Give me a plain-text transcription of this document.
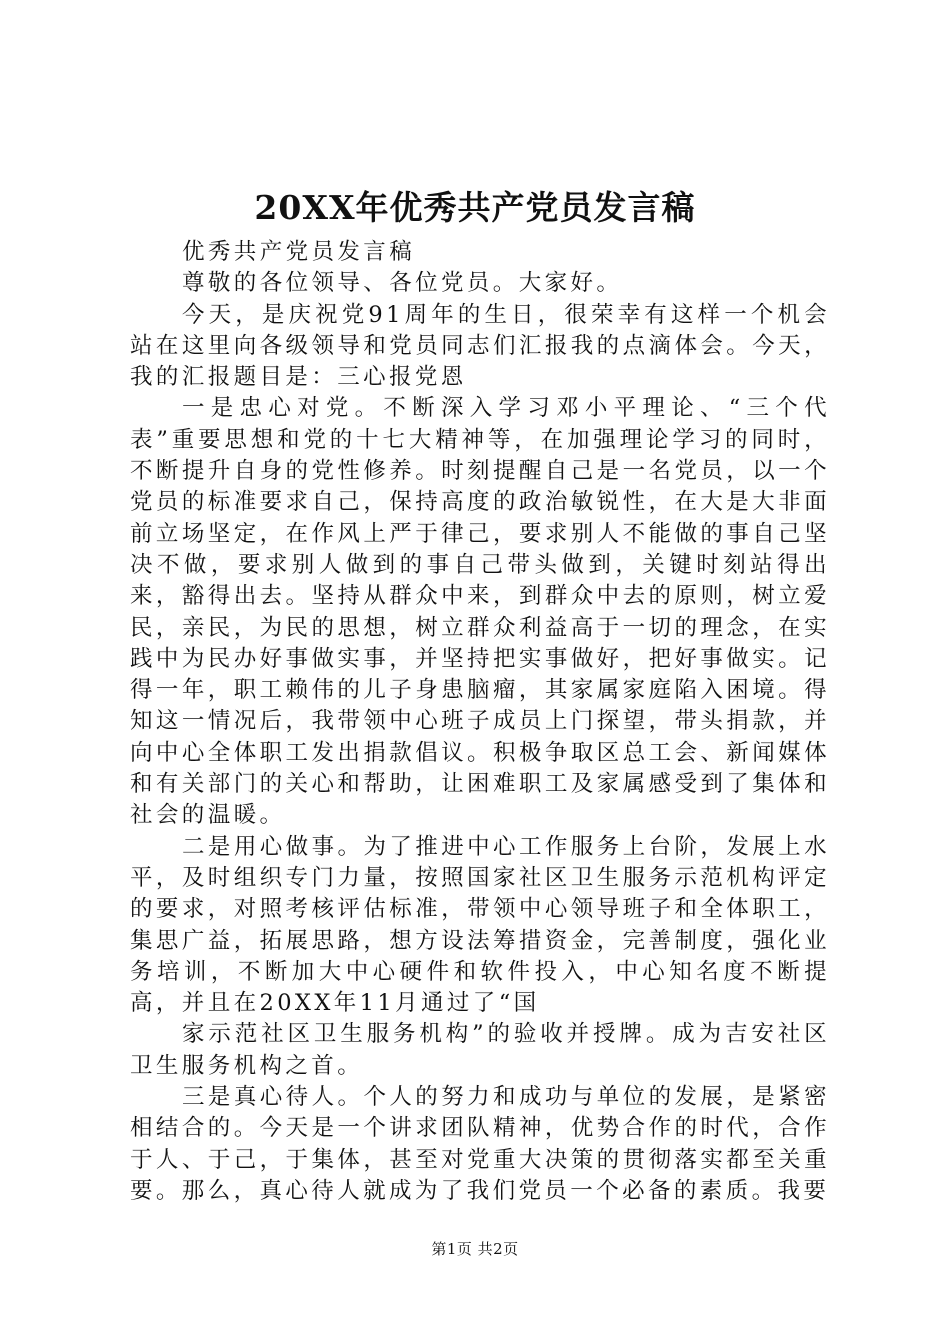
20XX年优秀共产党员发言稿

优秀共产党员发言稿

尊敬的各位领导、各位党员。大家好。

今天，是庆祝党91周年的生日，很荣幸有这样一个机会站在这里向各级领导和党员同志们汇报我的点滴体会。今天，我的汇报题目是：三心报党恩

一是忠心对党。不断深入学习邓小平理论、“三个代表”重要思想和党的十七大精神等，在加强理论学习的同时，不断提升自身的党性修养。时刻提醒自己是一名党员，以一个党员的标准要求自己，保持高度的政治敏锐性，在大是大非面前立场坚定，在作风上严于律己，要求别人不能做的事自己坚决不做，要求别人做到的事自己带头做到，关键时刻站得出来，豁得出去。坚持从群众中来，到群众中去的原则，树立爱民，亲民，为民的思想，树立群众利益高于一切的理念，在实践中为民办好事做实事，并坚持把实事做好，把好事做实。记得一年，职工赖伟的儿子身患脑瘤，其家属家庭陷入困境。得知这一情况后，我带领中心班子成员上门探望，带头捐款，并向中心全体职工发出捐款倡议。积极争取区总工会、新闻媒体和有关部门的关心和帮助，让困难职工及家属感受到了集体和社会的温暖。

二是用心做事。为了推进中心工作服务上台阶，发展上水平，及时组织专门力量，按照国家社区卫生服务示范机构评定的要求，对照考核评估标准，带领中心领导班子和全体职工，集思广益，拓展思路，想方设法筹措资金，完善制度，强化业务培训，不断加大中心硬件和软件投入，中心知名度不断提高，并且在20XX年11月通过了“国

家示范社区卫生服务机构”的验收并授牌。成为吉安社区卫生服务机构之首。

三是真心待人。个人的努力和成功与单位的发展，是紧密相结合的。今天是一个讲求团队精神，优势合作的时代，合作于人、于己，于集体，甚至对党重大决策的贯彻落实都至关重要。那么，真心待人就成为了我们党员一个必备的素质。我要

第1页 共2页
